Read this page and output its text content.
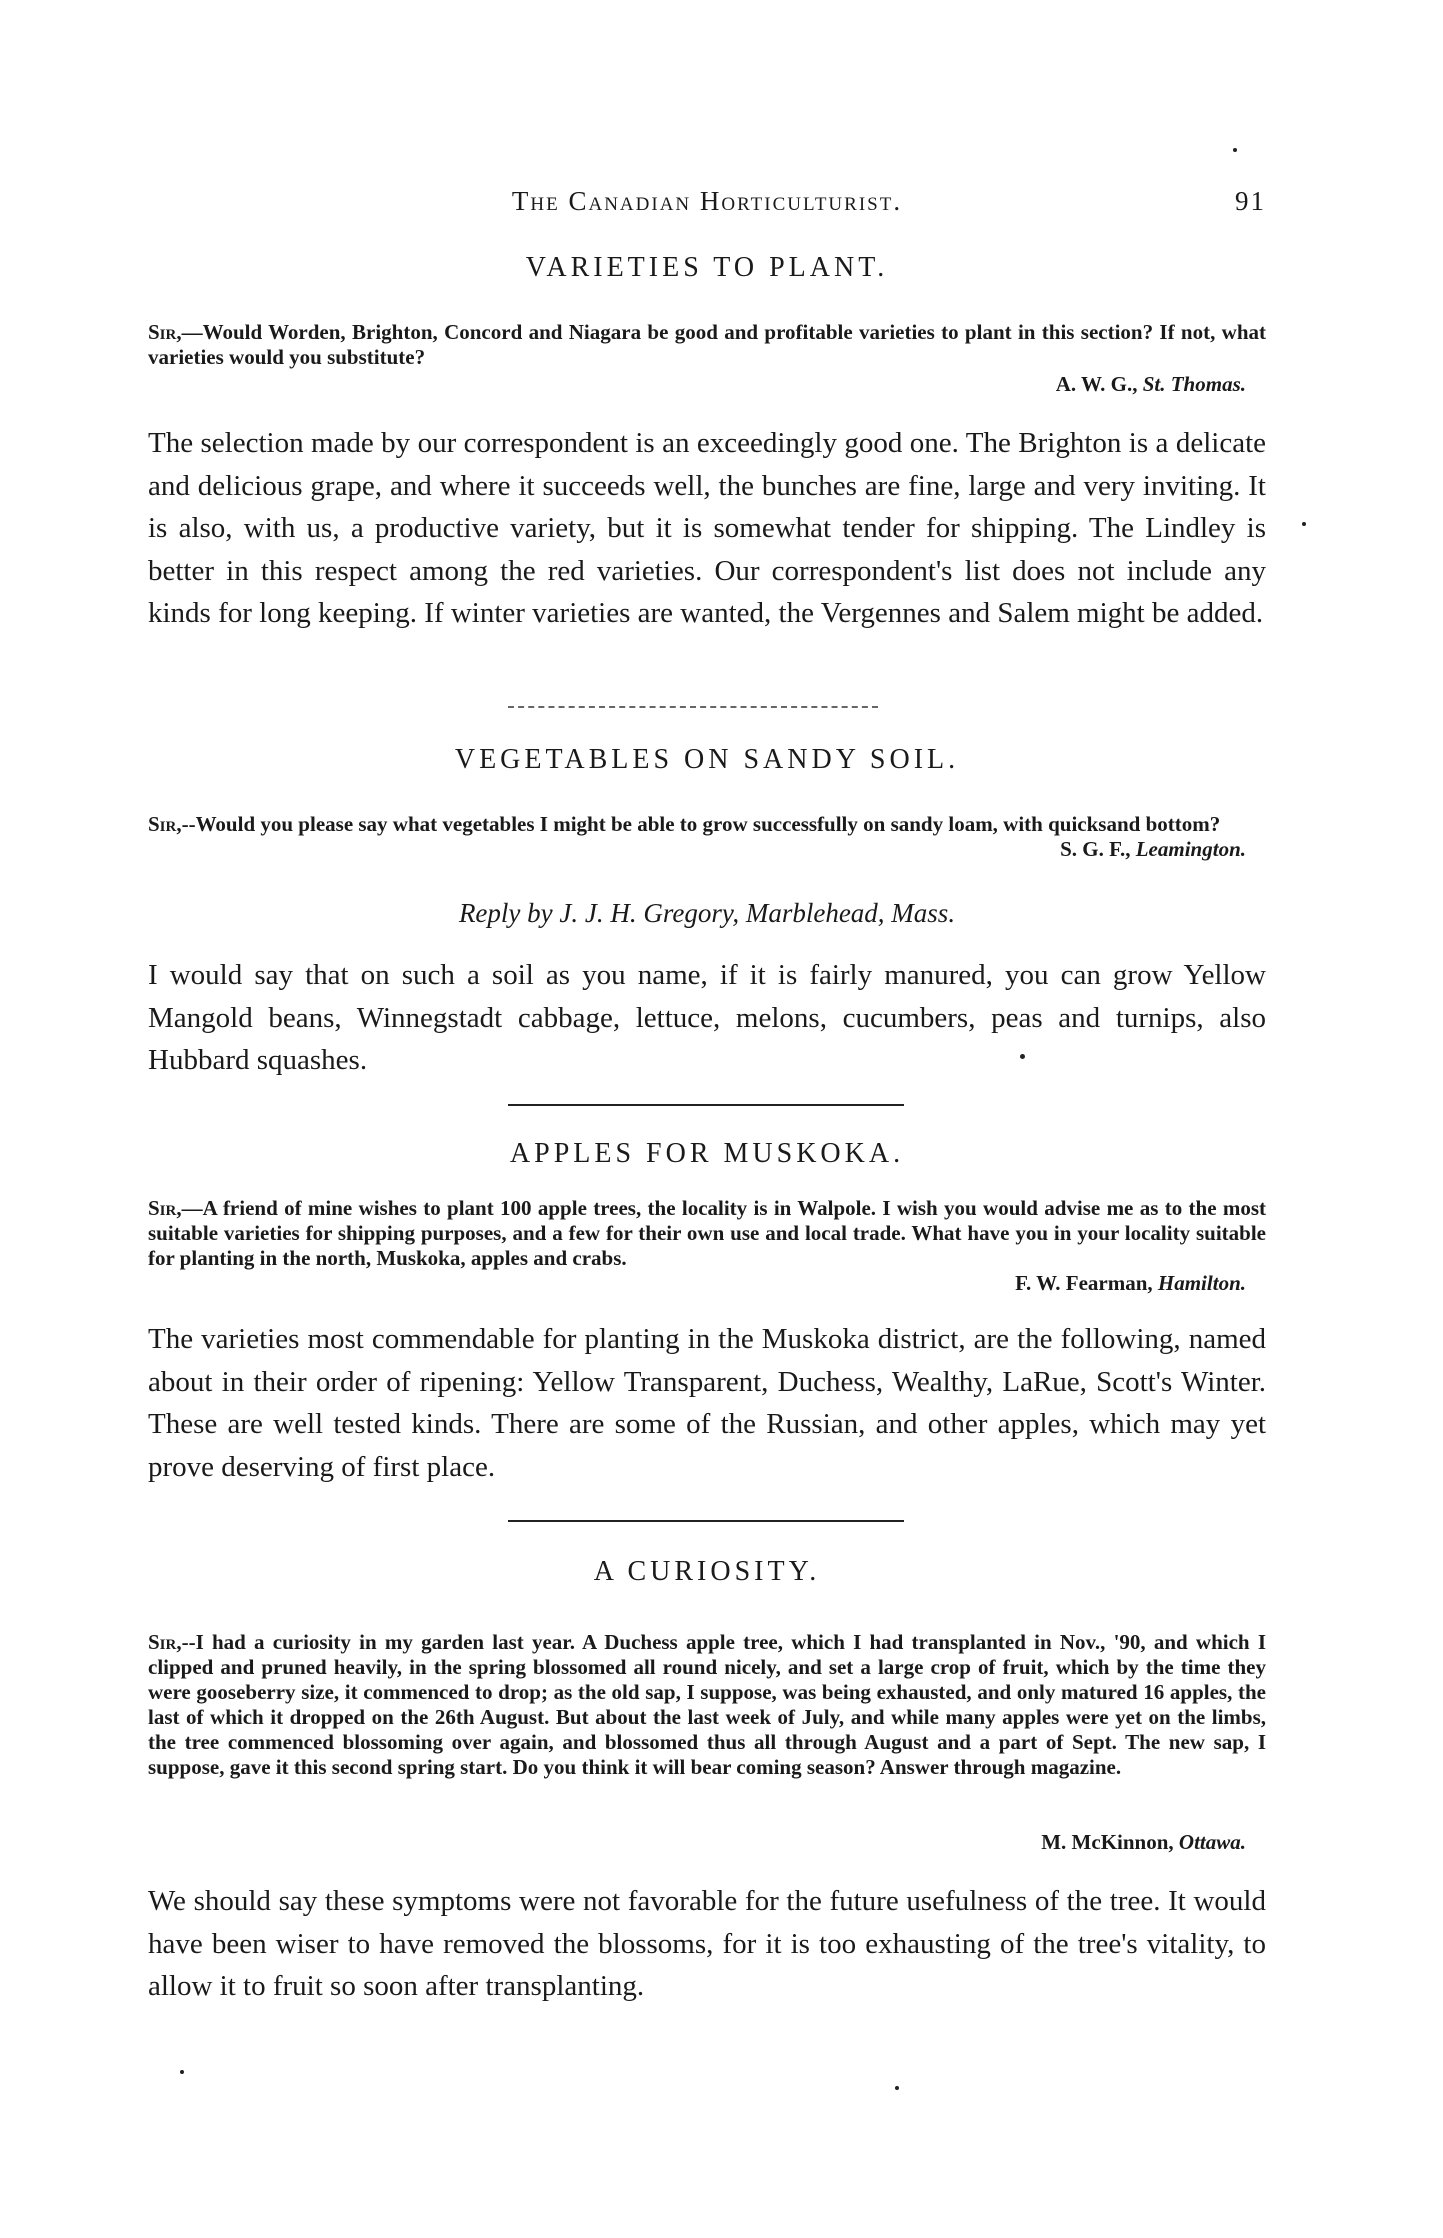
The Canadian Horticulturist.	91
VARIETIES TO PLANT.

Sir,—Would Worden, Brighton, Concord and Niagara be good and profitable varieties to plant in this section? If not, what varieties would you substitute?

A. W. G., St. Thomas.

The selection made by our correspondent is an exceedingly good one. The Brighton is a delicate and delicious grape, and where it succeeds well, the bunches are fine, large and very inviting. It is also, with us, a productive variety, but it is somewhat tender for shipping. The Lindley is better in this respect among the red varieties. Our correspondent's list does not include any kinds for long keeping. If winter varieties are wanted, the Vergennes and Salem might be added.

VEGETABLES ON SANDY SOIL.

Sir,--Would you please say what vegetables I might be able to grow successfully on sandy loam, with quicksand bottom?

S. G. F., Leamington.

Reply by J. J. H. Gregory, Marblehead, Mass.

I would say that on such a soil as you name, if it is fairly manured, you can grow Yellow Mangold beans, Winnegstadt cabbage, lettuce, melons, cucumbers, peas and turnips, also Hubbard squashes.

APPLES FOR MUSKOKA.

Sir,—A friend of mine wishes to plant 100 apple trees, the locality is in Walpole. I wish you would advise me as to the most suitable varieties for shipping purposes, and a few for their own use and local trade. What have you in your locality suitable for planting in the north, Muskoka, apples and crabs.

F. W. Fearman, Hamilton.

The varieties most commendable for planting in the Muskoka district, are the following, named about in their order of ripening: Yellow Transparent, Duchess, Wealthy, LaRue, Scott's Winter. These are well tested kinds. There are some of the Russian, and other apples, which may yet prove deserving of first place.

A CURIOSITY.

Sir,--I had a curiosity in my garden last year. A Duchess apple tree, which I had transplanted in Nov., '90, and which I clipped and pruned heavily, in the spring blossomed all round nicely, and set a large crop of fruit, which by the time they were gooseberry size, it commenced to drop; as the old sap, I suppose, was being exhausted, and only matured 16 apples, the last of which it dropped on the 26th August. But about the last week of July, and while many apples were yet on the limbs, the tree commenced blossoming over again, and blossomed thus all through August and a part of Sept. The new sap, I suppose, gave it this second spring start. Do you think it will bear coming season? Answer through magazine.

M. McKinnon, Ottawa.

We should say these symptoms were not favorable for the future usefulness of the tree. It would have been wiser to have removed the blossoms, for it is too exhausting of the tree's vitality, to allow it to fruit so soon after transplanting.
